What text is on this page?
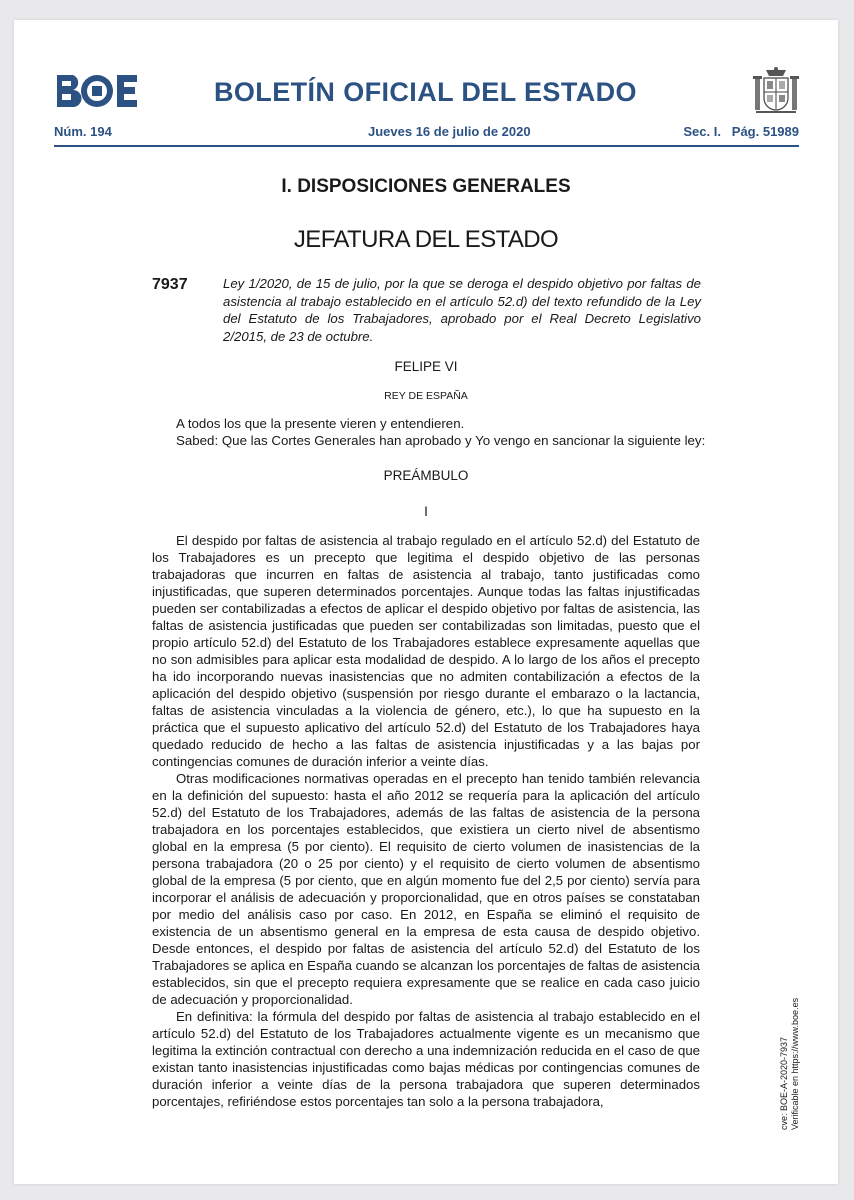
BOLETÍN OFICIAL DEL ESTADO
Núm. 194	Jueves 16 de julio de 2020	Sec. I.   Pág. 51989
I. DISPOSICIONES GENERALES
JEFATURA DEL ESTADO
7937	Ley 1/2020, de 15 de julio, por la que se deroga el despido objetivo por faltas de asistencia al trabajo establecido en el artículo 52.d) del texto refundido de la Ley del Estatuto de los Trabajadores, aprobado por el Real Decreto Legislativo 2/2015, de 23 de octubre.
FELIPE VI
REY DE ESPAÑA
A todos los que la presente vieren y entendieren.
Sabed: Que las Cortes Generales han aprobado y Yo vengo en sancionar la siguiente ley:
PREÁMBULO
I

El despido por faltas de asistencia al trabajo regulado en el artículo 52.d) del Estatuto de los Trabajadores es un precepto que legitima el despido objetivo de las personas trabajadoras que incurren en faltas de asistencia al trabajo, tanto justificadas como injustificadas, que superen determinados porcentajes. Aunque todas las faltas injustificadas pueden ser contabilizadas a efectos de aplicar el despido objetivo por faltas de asistencia, las faltas de asistencia justificadas que pueden ser contabilizadas son limitadas, puesto que el propio artículo 52.d) del Estatuto de los Trabajadores establece expresamente aquellas que no son admisibles para aplicar esta modalidad de despido. A lo largo de los años el precepto ha ido incorporando nuevas inasistencias que no admiten contabilización a efectos de la aplicación del despido objetivo (suspensión por riesgo durante el embarazo o la lactancia, faltas de asistencia vinculadas a la violencia de género, etc.), lo que ha supuesto en la práctica que el supuesto aplicativo del artículo 52.d) del Estatuto de los Trabajadores haya quedado reducido de hecho a las faltas de asistencia injustificadas y a las bajas por contingencias comunes de duración inferior a veinte días.

Otras modificaciones normativas operadas en el precepto han tenido también relevancia en la definición del supuesto: hasta el año 2012 se requería para la aplicación del artículo 52.d) del Estatuto de los Trabajadores, además de las faltas de asistencia de la persona trabajadora en los porcentajes establecidos, que existiera un cierto nivel de absentismo global en la empresa (5 por ciento). El requisito de cierto volumen de inasistencias de la persona trabajadora (20 o 25 por ciento) y el requisito de cierto volumen de absentismo global de la empresa (5 por ciento, que en algún momento fue del 2,5 por ciento) servía para incorporar el análisis de adecuación y proporcionalidad, que en otros países se constataban por medio del análisis caso por caso. En 2012, en España se eliminó el requisito de existencia de un absentismo general en la empresa de esta causa de despido objetivo. Desde entonces, el despido por faltas de asistencia del artículo 52.d) del Estatuto de los Trabajadores se aplica en España cuando se alcanzan los porcentajes de faltas de asistencia establecidos, sin que el precepto requiera expresamente que se realice en cada caso juicio de adecuación y proporcionalidad.

En definitiva: la fórmula del despido por faltas de asistencia al trabajo establecido en el artículo 52.d) del Estatuto de los Trabajadores actualmente vigente es un mecanismo que legitima la extinción contractual con derecho a una indemnización reducida en el caso de que existan tanto inasistencias injustificadas como bajas médicas por contingencias comunes de duración inferior a veinte días de la persona trabajadora que superen determinados porcentajes, refiriéndose estos porcentajes tan solo a la persona trabajadora,	cve: BOE-A-2020-7937 Verificable en https://www.boe.es
